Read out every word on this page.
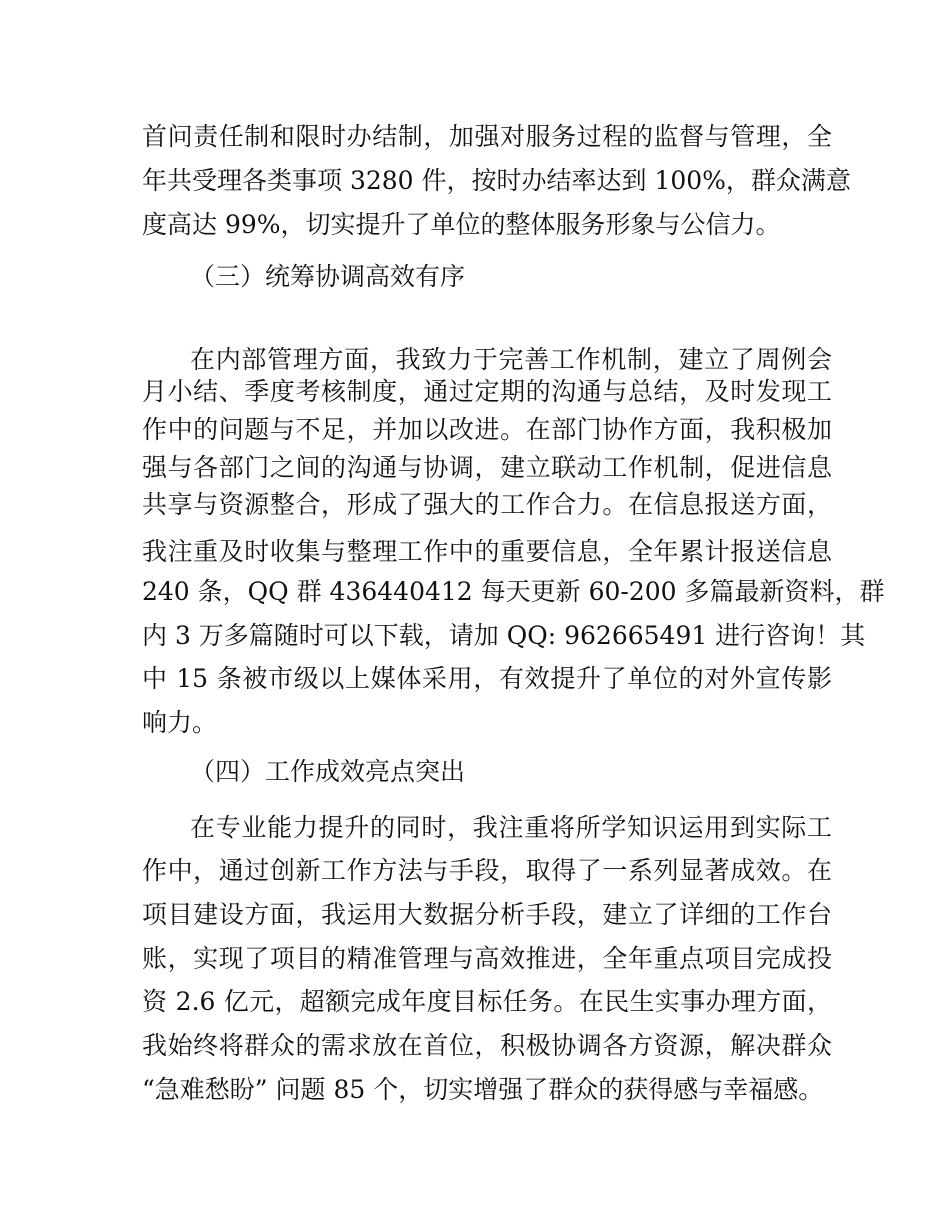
首问责任制和限时办结制，加强对服务过程的监督与管理，全
年共受理各类事项 3280 件，按时办结率达到 100%，群众满意
度高达 99%，切实提升了单位的整体服务形象与公信力。
（三）统筹协调高效有序
在内部管理方面，我致力于完善工作机制，建立了周例会
月小结、季度考核制度，通过定期的沟通与总结，及时发现工
作中的问题与不足，并加以改进。在部门协作方面，我积极加
强与各部门之间的沟通与协调，建立联动工作机制，促进信息
共享与资源整合，形成了强大的工作合力。在信息报送方面，
我注重及时收集与整理工作中的重要信息，全年累计报送信息
240 条，QQ 群 436440412 每天更新 60-200 多篇最新资料，群
内 3 万多篇随时可以下载，请加 QQ: 962665491 进行咨询！其
中 15 条被市级以上媒体采用，有效提升了单位的对外宣传影
响力。
（四）工作成效亮点突出
在专业能力提升的同时，我注重将所学知识运用到实际工
作中，通过创新工作方法与手段，取得了一系列显著成效。在
项目建设方面，我运用大数据分析手段，建立了详细的工作台
账，实现了项目的精准管理与高效推进，全年重点项目完成投
资 2.6 亿元，超额完成年度目标任务。在民生实事办理方面，
我始终将群众的需求放在首位，积极协调各方资源，解决群众
“急难愁盼” 问题 85 个，切实增强了群众的获得感与幸福感。
